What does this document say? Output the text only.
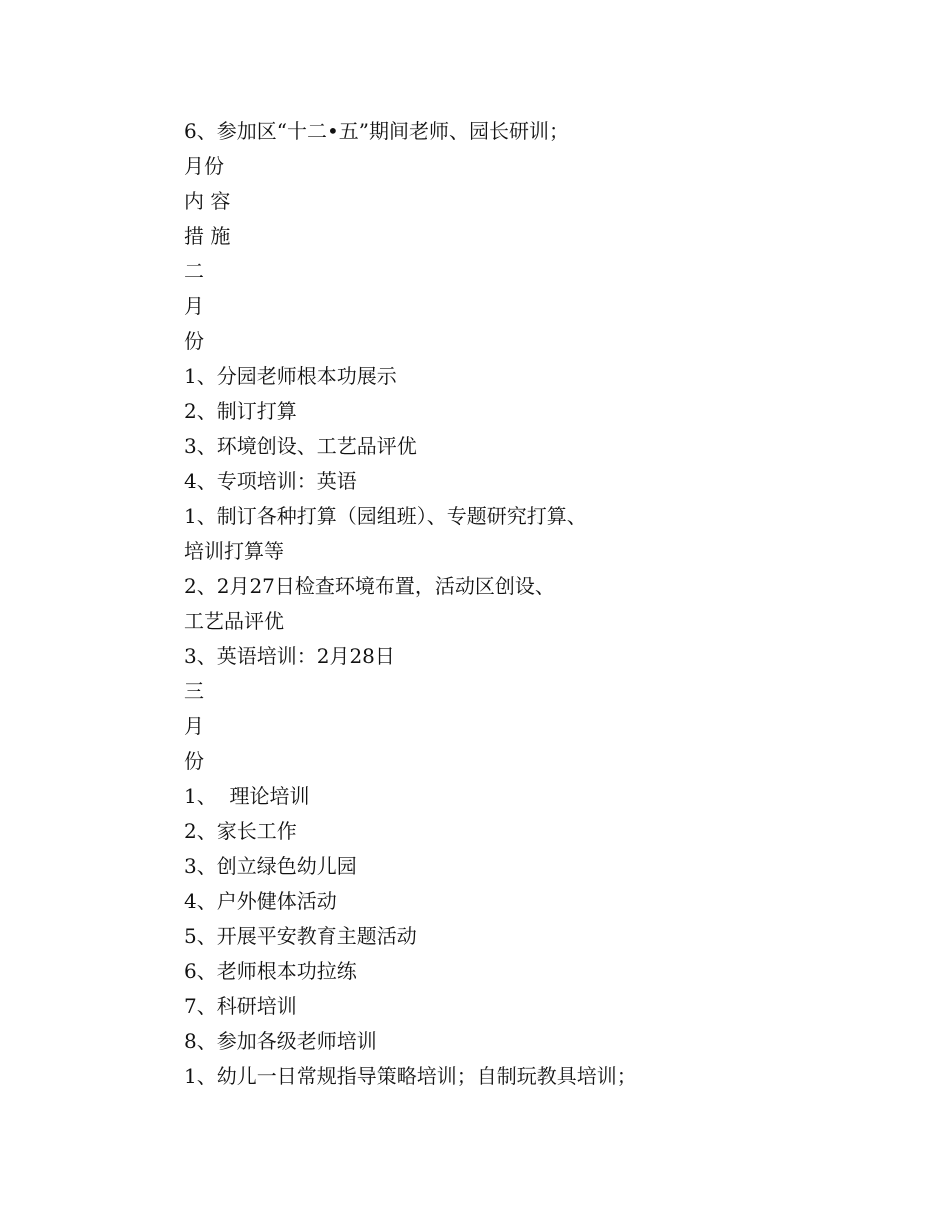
6、参加区“十二•五”期间老师、园长研训；
月份
内 容
措 施
二
月
份
1、分园老师根本功展示
2、制订打算
3、环境创设、工艺品评优
4、专项培训：英语
1、制订各种打算（园组班）、专题研究打算、
培训打算等
2、2月27日检查环境布置，活动区创设、
工艺品评优
3、英语培训：2月28日
三
月
份
1、  理论培训
2、家长工作
3、创立绿色幼儿园
4、户外健体活动
5、开展平安教育主题活动
6、老师根本功拉练
7、科研培训
8、参加各级老师培训
1、幼儿一日常规指导策略培训；自制玩教具培训；
